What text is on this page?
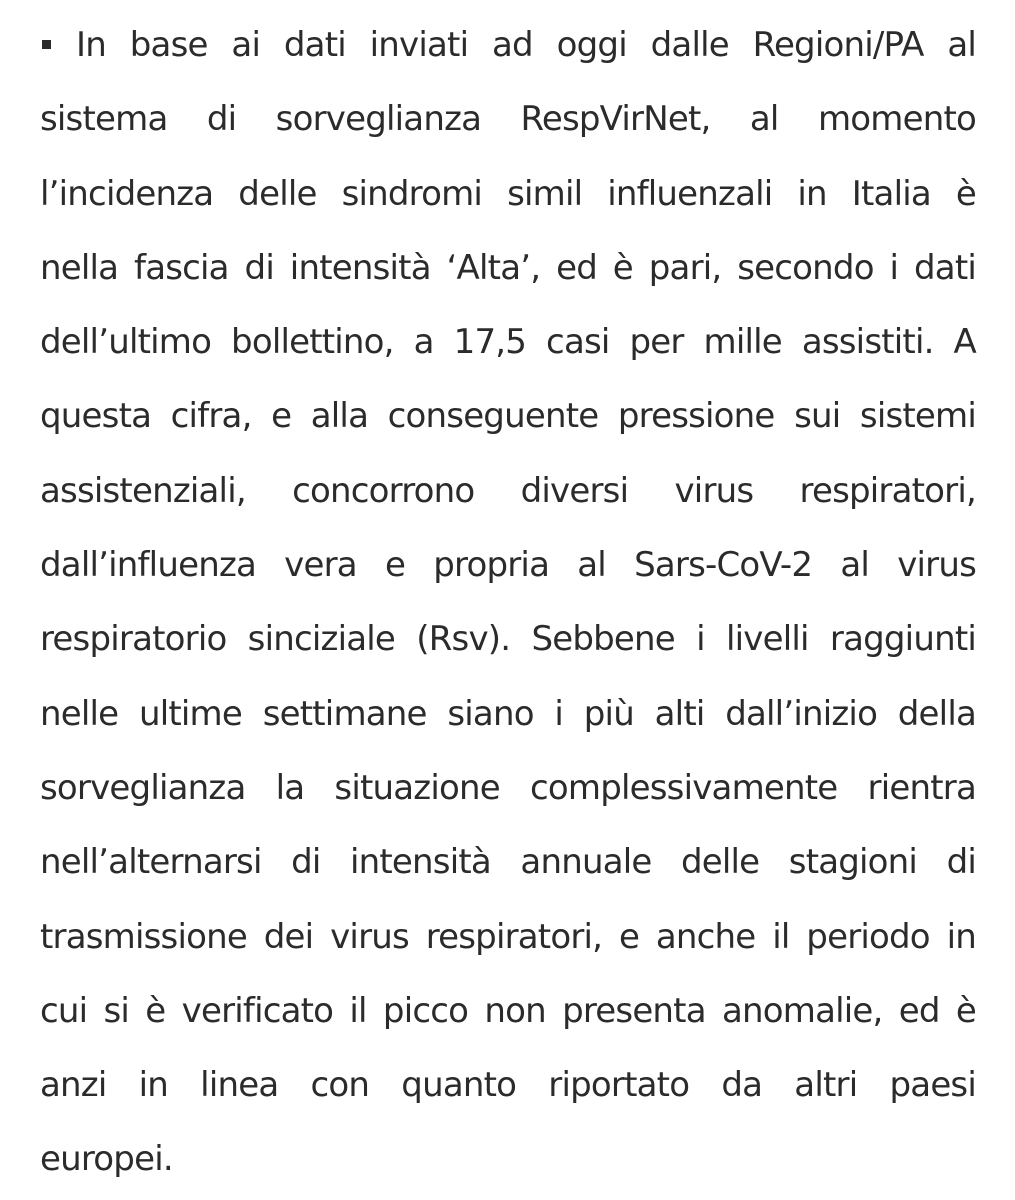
In base ai dati inviati ad oggi dalle Regioni/PA al
sistema di sorveglianza RespVirNet, al momento
l’incidenza delle sindromi simil influenzali in Italia è
nella fascia di intensità ‘Alta’, ed è pari, secondo i dati
dell’ultimo bollettino, a 17,5 casi per mille assistiti. A
questa cifra, e alla conseguente pressione sui sistemi
assistenziali, concorrono diversi virus respiratori,
dall’influenza vera e propria al Sars-CoV-2 al virus
respiratorio sinciziale (Rsv). Sebbene i livelli raggiunti
nelle ultime settimane siano i più alti dall’inizio della
sorveglianza la situazione complessivamente rientra
nell’alternarsi di intensità annuale delle stagioni di
trasmissione dei virus respiratori, e anche il periodo in
cui si è verificato il picco non presenta anomalie, ed è
anzi in linea con quanto riportato da altri paesi
europei.
